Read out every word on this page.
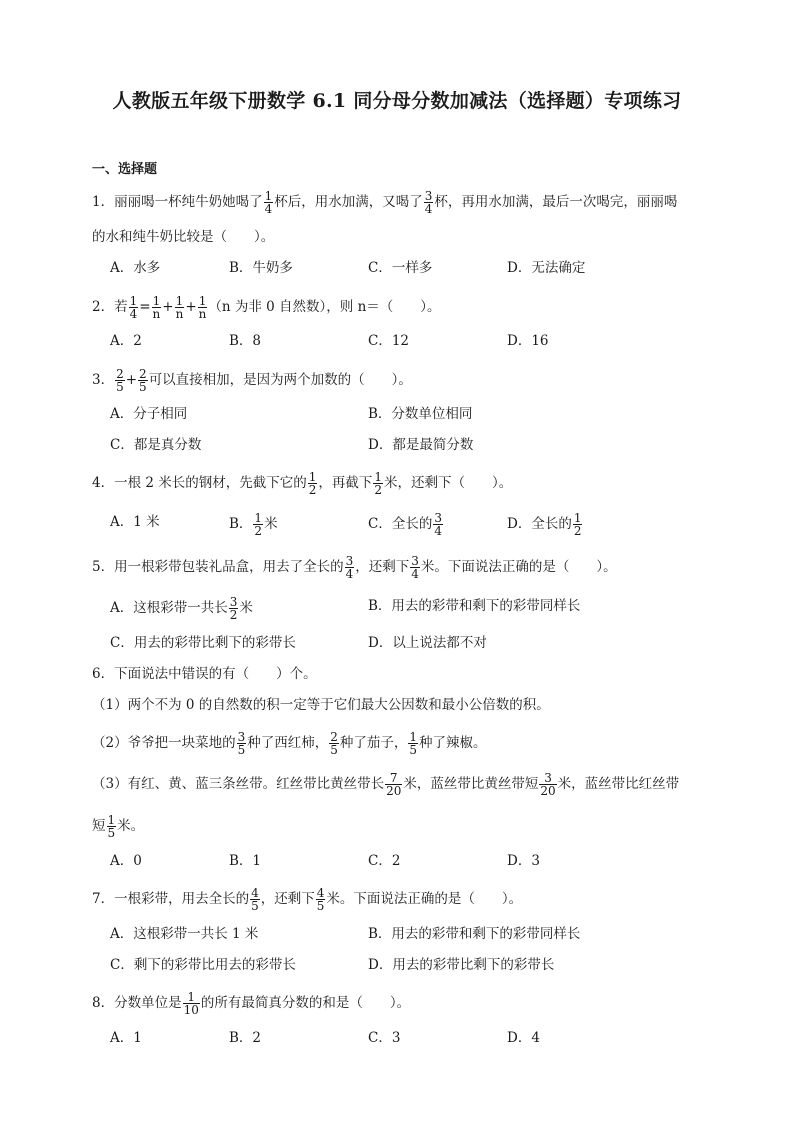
人教版五年级下册数学 6.1 同分母分数加减法（选择题）专项练习
一、选择题
1．丽丽喝一杯纯牛奶她喝了 $\frac{1}{4}$ 杯后，用水加满，又喝了 $\frac{3}{4}$ 杯，再用水加满，最后一次喝完，丽丽喝
的水和纯牛奶比较是（　　）。
A．水多	B．牛奶多	C．一样多	D．无法确定
2．若 $\frac{1}{4} = \frac{1}{n} + \frac{1}{n} + \frac{1}{n} (n$ 为非 0 自然数），则 n＝（　　）。
A．2	B．8	C．12	D．16
3． $\frac{2}{5} + \frac{2}{5}$ 可以直接相加，是因为两个加数的（　　）。
A．分子相同	B．分数单位相同
C．都是真分数	D．都是最简分数
4．一根 2 米长的钢材，先截下它的 $\frac{1}{2}$ ，再截下 $\frac{1}{2}$ 米，还剩下（　　）。
A．1 米	B． $\frac{1}{2}$ 米	C．全长的 $\frac{3}{4}$	D．全长的 $\frac{1}{2}$
5．用一根彩带包装礼品盒，用去了全长的 $\frac{3}{4}$ ，还剩下 $\frac{3}{4}$ 米。下面说法正确的是（　　）。
A．这根彩带一共长 $\frac{3}{2}$ 米	B．用去的彩带和剩下的彩带同样长
C．用去的彩带比剩下的彩带长	D．以上说法都不对
6．下面说法中错误的有（　　）个。
（1）两个不为 0 的自然数的积一定等于它们最大公因数和最小公倍数的积。
（2）爷爷把一块菜地的 $\frac{3}{5}$ 种了西红柿， $\frac{2}{5}$ 种了茄子， $\frac{1}{5}$ 种了辣椒。
（3）有红、黄、蓝三条丝带。红丝带比黄丝带长 $\frac{7}{20}$ 米，蓝丝带比黄丝带短 $\frac{3}{20}$ 米，蓝丝带比红丝带
短 $\frac{1}{5}$ 米。
A．0	B．1	C．2	D．3
7．一根彩带，用去全长的 $\frac{4}{5}$ ，还剩下 $\frac{4}{5}$ 米。下面说法正确的是（　　）。
A．这根彩带一共长 1 米	B．用去的彩带和剩下的彩带同样长
C．剩下的彩带比用去的彩带长	D．用去的彩带比剩下的彩带长
8．分数单位是 $\frac{1}{10}$ 的所有最简真分数的和是（　　）。
A．1	B．2	C．3	D．4
